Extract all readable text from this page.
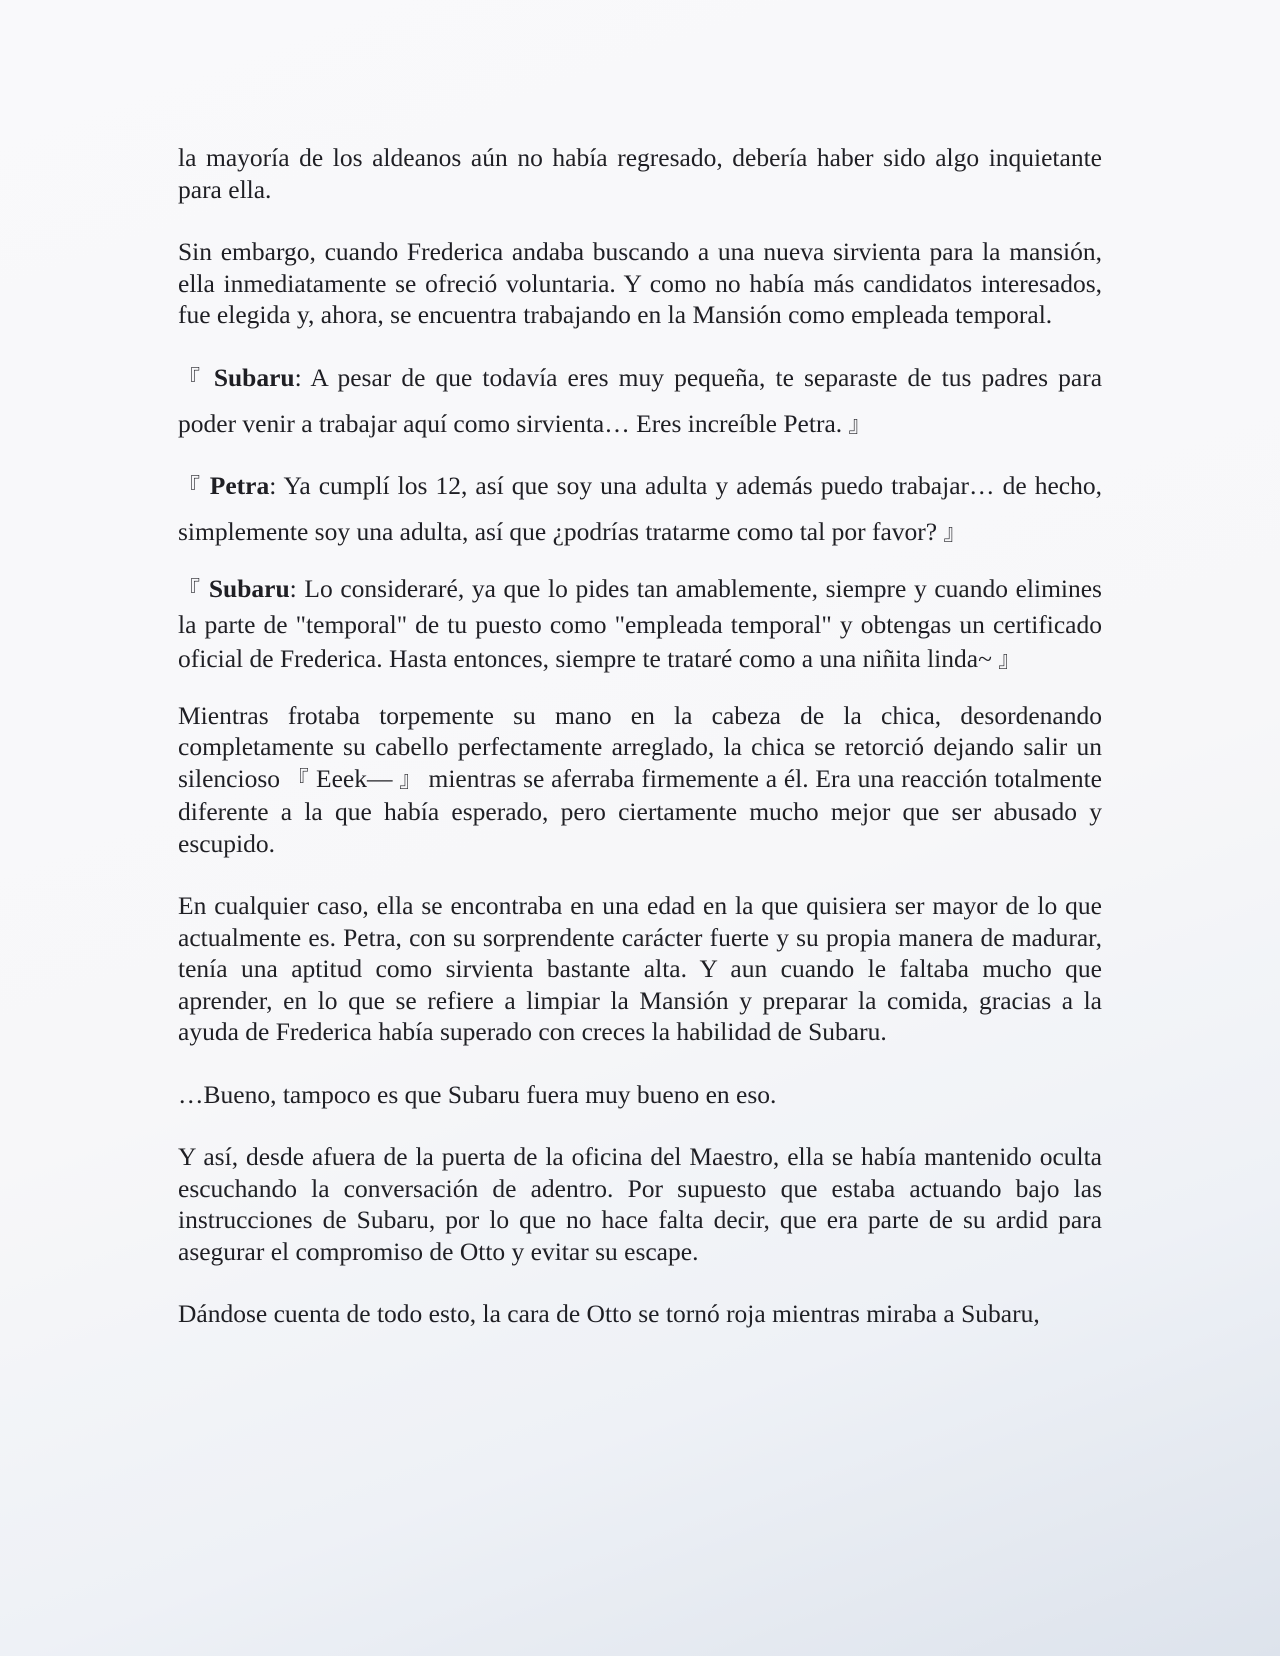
la mayoría de los aldeanos aún no había regresado, debería haber sido algo inquietante para ella.

Sin embargo, cuando Frederica andaba buscando a una nueva sirvienta para la mansión, ella inmediatamente se ofreció voluntaria. Y como no había más candidatos interesados, fue elegida y, ahora, se encuentra trabajando en la Mansión como empleada temporal.

『 Subaru: A pesar de que todavía eres muy pequeña, te separaste de tus padres para poder venir a trabajar aquí como sirvienta… Eres increíble Petra. 』

『 Petra: Ya cumplí los 12, así que soy una adulta y además puedo trabajar… de hecho, simplemente soy una adulta, así que ¿podrías tratarme como tal por favor? 』

『 Subaru: Lo consideraré, ya que lo pides tan amablemente, siempre y cuando elimines la parte de "temporal" de tu puesto como "empleada temporal" y obtengas un certificado oficial de Frederica. Hasta entonces, siempre te trataré como a una niñita linda~ 』

Mientras frotaba torpemente su mano en la cabeza de la chica, desordenando completamente su cabello perfectamente arreglado, la chica se retorció dejando salir un silencioso 『 Eeek— 』 mientras se aferraba firmemente a él. Era una reacción totalmente diferente a la que había esperado, pero ciertamente mucho mejor que ser abusado y escupido.

En cualquier caso, ella se encontraba en una edad en la que quisiera ser mayor de lo que actualmente es. Petra, con su sorprendente carácter fuerte y su propia manera de madurar, tenía una aptitud como sirvienta bastante alta. Y aun cuando le faltaba mucho que aprender, en lo que se refiere a limpiar la Mansión y preparar la comida, gracias a la ayuda de Frederica había superado con creces la habilidad de Subaru.

…Bueno, tampoco es que Subaru fuera muy bueno en eso.

Y así, desde afuera de la puerta de la oficina del Maestro, ella se había mantenido oculta escuchando la conversación de adentro. Por supuesto que estaba actuando bajo las instrucciones de Subaru, por lo que no hace falta decir, que era parte de su ardid para asegurar el compromiso de Otto y evitar su escape.

Dándose cuenta de todo esto, la cara de Otto se tornó roja mientras miraba a Subaru,
